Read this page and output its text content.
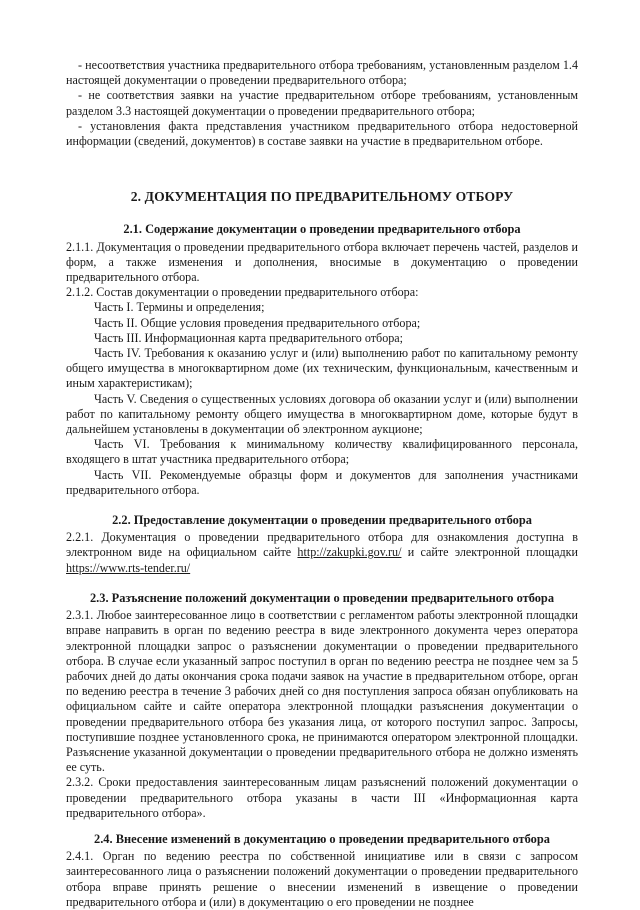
- несоответствия участника предварительного отбора требованиям, установленным разделом 1.4 настоящей документации о проведении предварительного отбора;

- не соответствия заявки на участие предварительном отборе требованиям, установленным разделом 3.3 настоящей документации о проведении предварительного отбора;

- установления факта представления участником предварительного отбора недостоверной информации (сведений, документов) в составе заявки на участие в предварительном отборе.

2. ДОКУМЕНТАЦИЯ ПО ПРЕДВАРИТЕЛЬНОМУ ОТБОРУ

2.1. Содержание документации о проведении предварительного отбора

2.1.1. Документация о проведении предварительного отбора включает перечень частей, разделов и форм, а также изменения и дополнения, вносимые в документацию о проведении предварительного отбора.

2.1.2. Состав документации о проведении предварительного отбора:

Часть I. Термины и определения;

Часть II. Общие условия проведения предварительного отбора;

Часть III. Информационная карта предварительного отбора;

Часть IV. Требования к оказанию услуг и (или) выполнению работ по капитальному ремонту общего имущества в многоквартирном доме (их техническим, функциональным, качественным и иным характеристикам);

Часть V. Сведения о существенных условиях договора об оказании услуг и (или) выполнении работ по капитальному ремонту общего имущества в многоквартирном доме, которые будут в дальнейшем установлены в документации об электронном аукционе;

Часть VI. Требования к минимальному количеству квалифицированного персонала, входящего в штат участника предварительного отбора;

Часть VII. Рекомендуемые образцы форм и документов для заполнения участниками предварительного отбора.

2.2. Предоставление документации о проведении предварительного отбора

2.2.1. Документация о проведении предварительного отбора для ознакомления доступна в электронном виде на официальном сайте http://zakupki.gov.ru/ и сайте электронной площадки https://www.rts-tender.ru/

2.3. Разъяснение положений документации о проведении предварительного отбора

2.3.1. Любое заинтересованное лицо в соответствии с регламентом работы электронной площадки вправе направить в орган по ведению реестра в виде электронного документа через оператора электронной площадки запрос о разъяснении документации о проведении предварительного отбора. В случае если указанный запрос поступил в орган по ведению реестра не позднее чем за 5 рабочих дней до даты окончания срока подачи заявок на участие в предварительном отборе, орган по ведению реестра в течение 3 рабочих дней со дня поступления запроса обязан опубликовать на официальном сайте и сайте оператора электронной площадки разъяснения документации о проведении предварительного отбора без указания лица, от которого поступил запрос. Запросы, поступившие позднее установленного срока, не принимаются оператором электронной площадки. Разъяснение указанной документации о проведении предварительного отбора не должно изменять ее суть.

2.3.2. Сроки предоставления заинтересованным лицам разъяснений положений документации о проведении предварительного отбора указаны в части III «Информационная карта предварительного отбора».

2.4. Внесение изменений в документацию о проведении предварительного отбора

2.4.1. Орган по ведению реестра по собственной инициативе или в связи с запросом заинтересованного лица о разъяснении положений документации о проведении предварительного отбора вправе принять решение о внесении изменений в извещение о проведении предварительного отбора и (или) в документацию о его проведении не позднее
